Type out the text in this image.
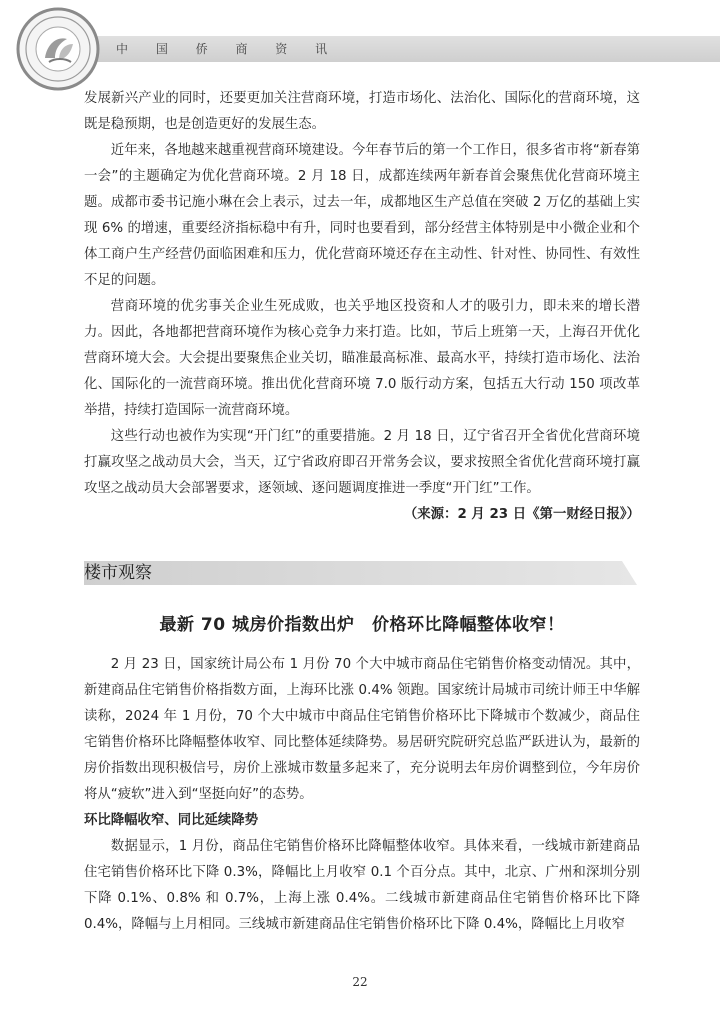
中 国 侨 商 资 讯

发展新兴产业的同时，还要更加关注营商环境，打造市场化、法治化、国际化的营商环境，这既是稳预期，也是创造更好的发展生态。

近年来，各地越来越重视营商环境建设。今年春节后的第一个工作日，很多省市将“新春第一会”的主题确定为优化营商环境。2 月 18 日，成都连续两年新春首会聚焦优化营商环境主题。成都市委书记施小琳在会上表示，过去一年，成都地区生产总值在突破 2 万亿的基础上实现 6% 的增速，重要经济指标稳中有升，同时也要看到，部分经营主体特别是中小微企业和个体工商户生产经营仍面临困难和压力，优化营商环境还存在主动性、针对性、协同性、有效性不足的问题。

营商环境的优劣事关企业生死成败，也关乎地区投资和人才的吸引力，即未来的增长潜力。因此，各地都把营商环境作为核心竞争力来打造。比如，节后上班第一天，上海召开优化营商环境大会。大会提出要聚焦企业关切，瞄准最高标准、最高水平，持续打造市场化、法治化、国际化的一流营商环境。推出优化营商环境 7.0 版行动方案，包括五大行动 150 项改革举措，持续打造国际一流营商环境。

这些行动也被作为实现“开门红”的重要措施。2 月 18 日，辽宁省召开全省优化营商环境打赢攻坚之战动员大会，当天，辽宁省政府即召开常务会议，要求按照全省优化营商环境打赢攻坚之战动员大会部署要求，逐领域、逐问题调度推进一季度“开门红”工作。

（来源：2 月 23 日《第一财经日报》）
楼市观察
最新 70 城房价指数出炉　价格环比降幅整体收窄！

2 月 23 日，国家统计局公布 1 月份 70 个大中城市商品住宅销售价格变动情况。其中，新建商品住宅销售价格指数方面，上海环比涨 0.4% 领跑。国家统计局城市司统计师王中华解读称，2024 年 1 月份，70 个大中城市中商品住宅销售价格环比下降城市个数减少，商品住宅销售价格环比降幅整体收窄、同比整体延续降势。易居研究院研究总监严跃进认为，最新的房价指数出现积极信号，房价上涨城市数量多起来了，充分说明去年房价调整到位，今年房价将从“疲软”进入到“坚挺向好”的态势。

环比降幅收窄、同比延续降势

数据显示，1 月份，商品住宅销售价格环比降幅整体收窄。具体来看，一线城市新建商品住宅销售价格环比下降 0.3%，降幅比上月收窄 0.1 个百分点。其中，北京、广州和深圳分别下降 0.1%、0.8% 和 0.7%，上海上涨 0.4%。二线城市新建商品住宅销售价格环比下降 0.4%，降幅与上月相同。三线城市新建商品住宅销售价格环比下降 0.4%，降幅比上月收窄

22
